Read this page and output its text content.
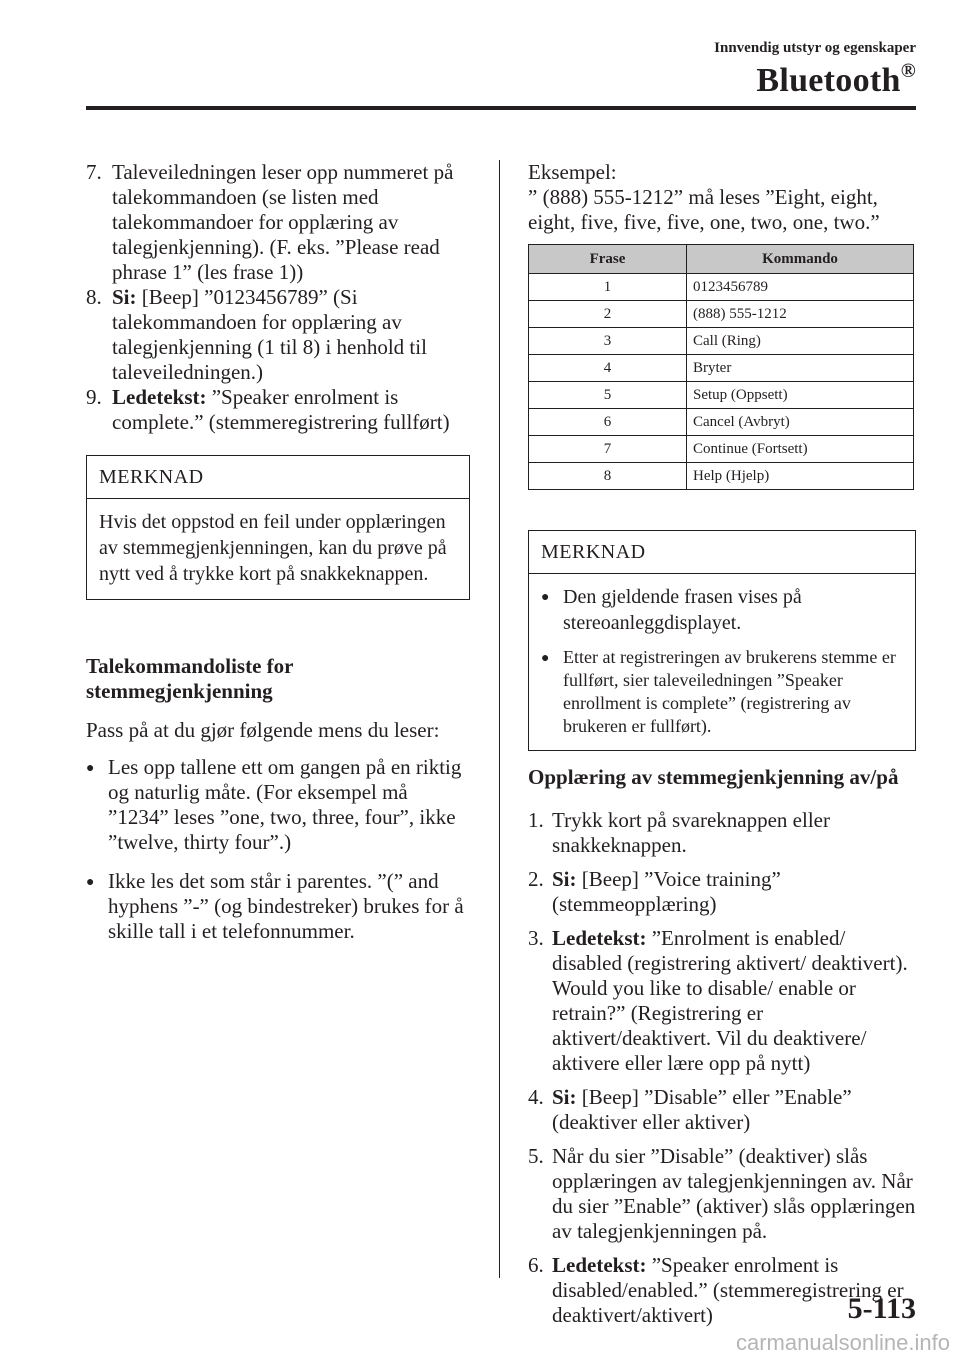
Innvendig utstyr og egenskaper
Bluetooth®
7. Taleveiledningen leser opp nummeret på talekommandoen (se listen med talekommandoer for opplæring av talegjenkjenning). (F. eks. ”Please read phrase 1” (les frase 1))
8. Si: [Beep] ”0123456789” (Si talekommandoen for opplæring av talegjenkjenning (1 til 8) i henhold til taleveiledningen.)
9. Ledetekst: ”Speaker enrolment is complete.” (stemmeregistrering fullført)
MERKNAD
Hvis det oppstod en feil under opplæringen av stemmegjenkjenningen, kan du prøve på nytt ved å trykke kort på snakkeknappen.
Talekommandoliste for stemmegjenkjenning
Pass på at du gjør følgende mens du leser:
● Les opp tallene ett om gangen på en riktig og naturlig måte. (For eksempel må ”1234” leses ”one, two, three, four”, ikke ”twelve, thirty four”.)
● Ikke les det som står i parentes. ”(” and hyphens ”-” (og bindestreker) brukes for å skille tall i et telefonnummer.
Eksempel:
” (888) 555-1212” må leses ”Eight, eight, eight, five, five, five, one, two, one, two.”
Frase	Kommando
1	0123456789
2	(888) 555-1212
3	Call (Ring)
4	Bryter
5	Setup (Oppsett)
6	Cancel (Avbryt)
7	Continue (Fortsett)
8	Help (Hjelp)
MERKNAD
● Den gjeldende frasen vises på stereoanleggdisplayet.
● Etter at registreringen av brukerens stemme er fullført, sier taleveiledningen ”Speaker enrollment is complete” (registrering av brukeren er fullført).
Opplæring av stemmegjenkjenning av/på
1. Trykk kort på svareknappen eller snakkeknappen.
2. Si: [Beep] ”Voice training” (stemmeopplæring)
3. Ledetekst: ”Enrolment is enabled/ disabled (registrering aktivert/ deaktivert). Would you like to disable/ enable or retrain?” (Registrering er aktivert/deaktivert. Vil du deaktivere/ aktivere eller lære opp på nytt)
4. Si: [Beep] ”Disable” eller ”Enable” (deaktiver eller aktiver)
5. Når du sier ”Disable” (deaktiver) slås opplæringen av talegjenkjenningen av. Når du sier ”Enable” (aktiver) slås opplæringen av talegjenkjenningen på.
6. Ledetekst: ”Speaker enrolment is disabled/enabled.” (stemmeregistrering er deaktivert/aktivert)	5-113
carmanualsonline.info
